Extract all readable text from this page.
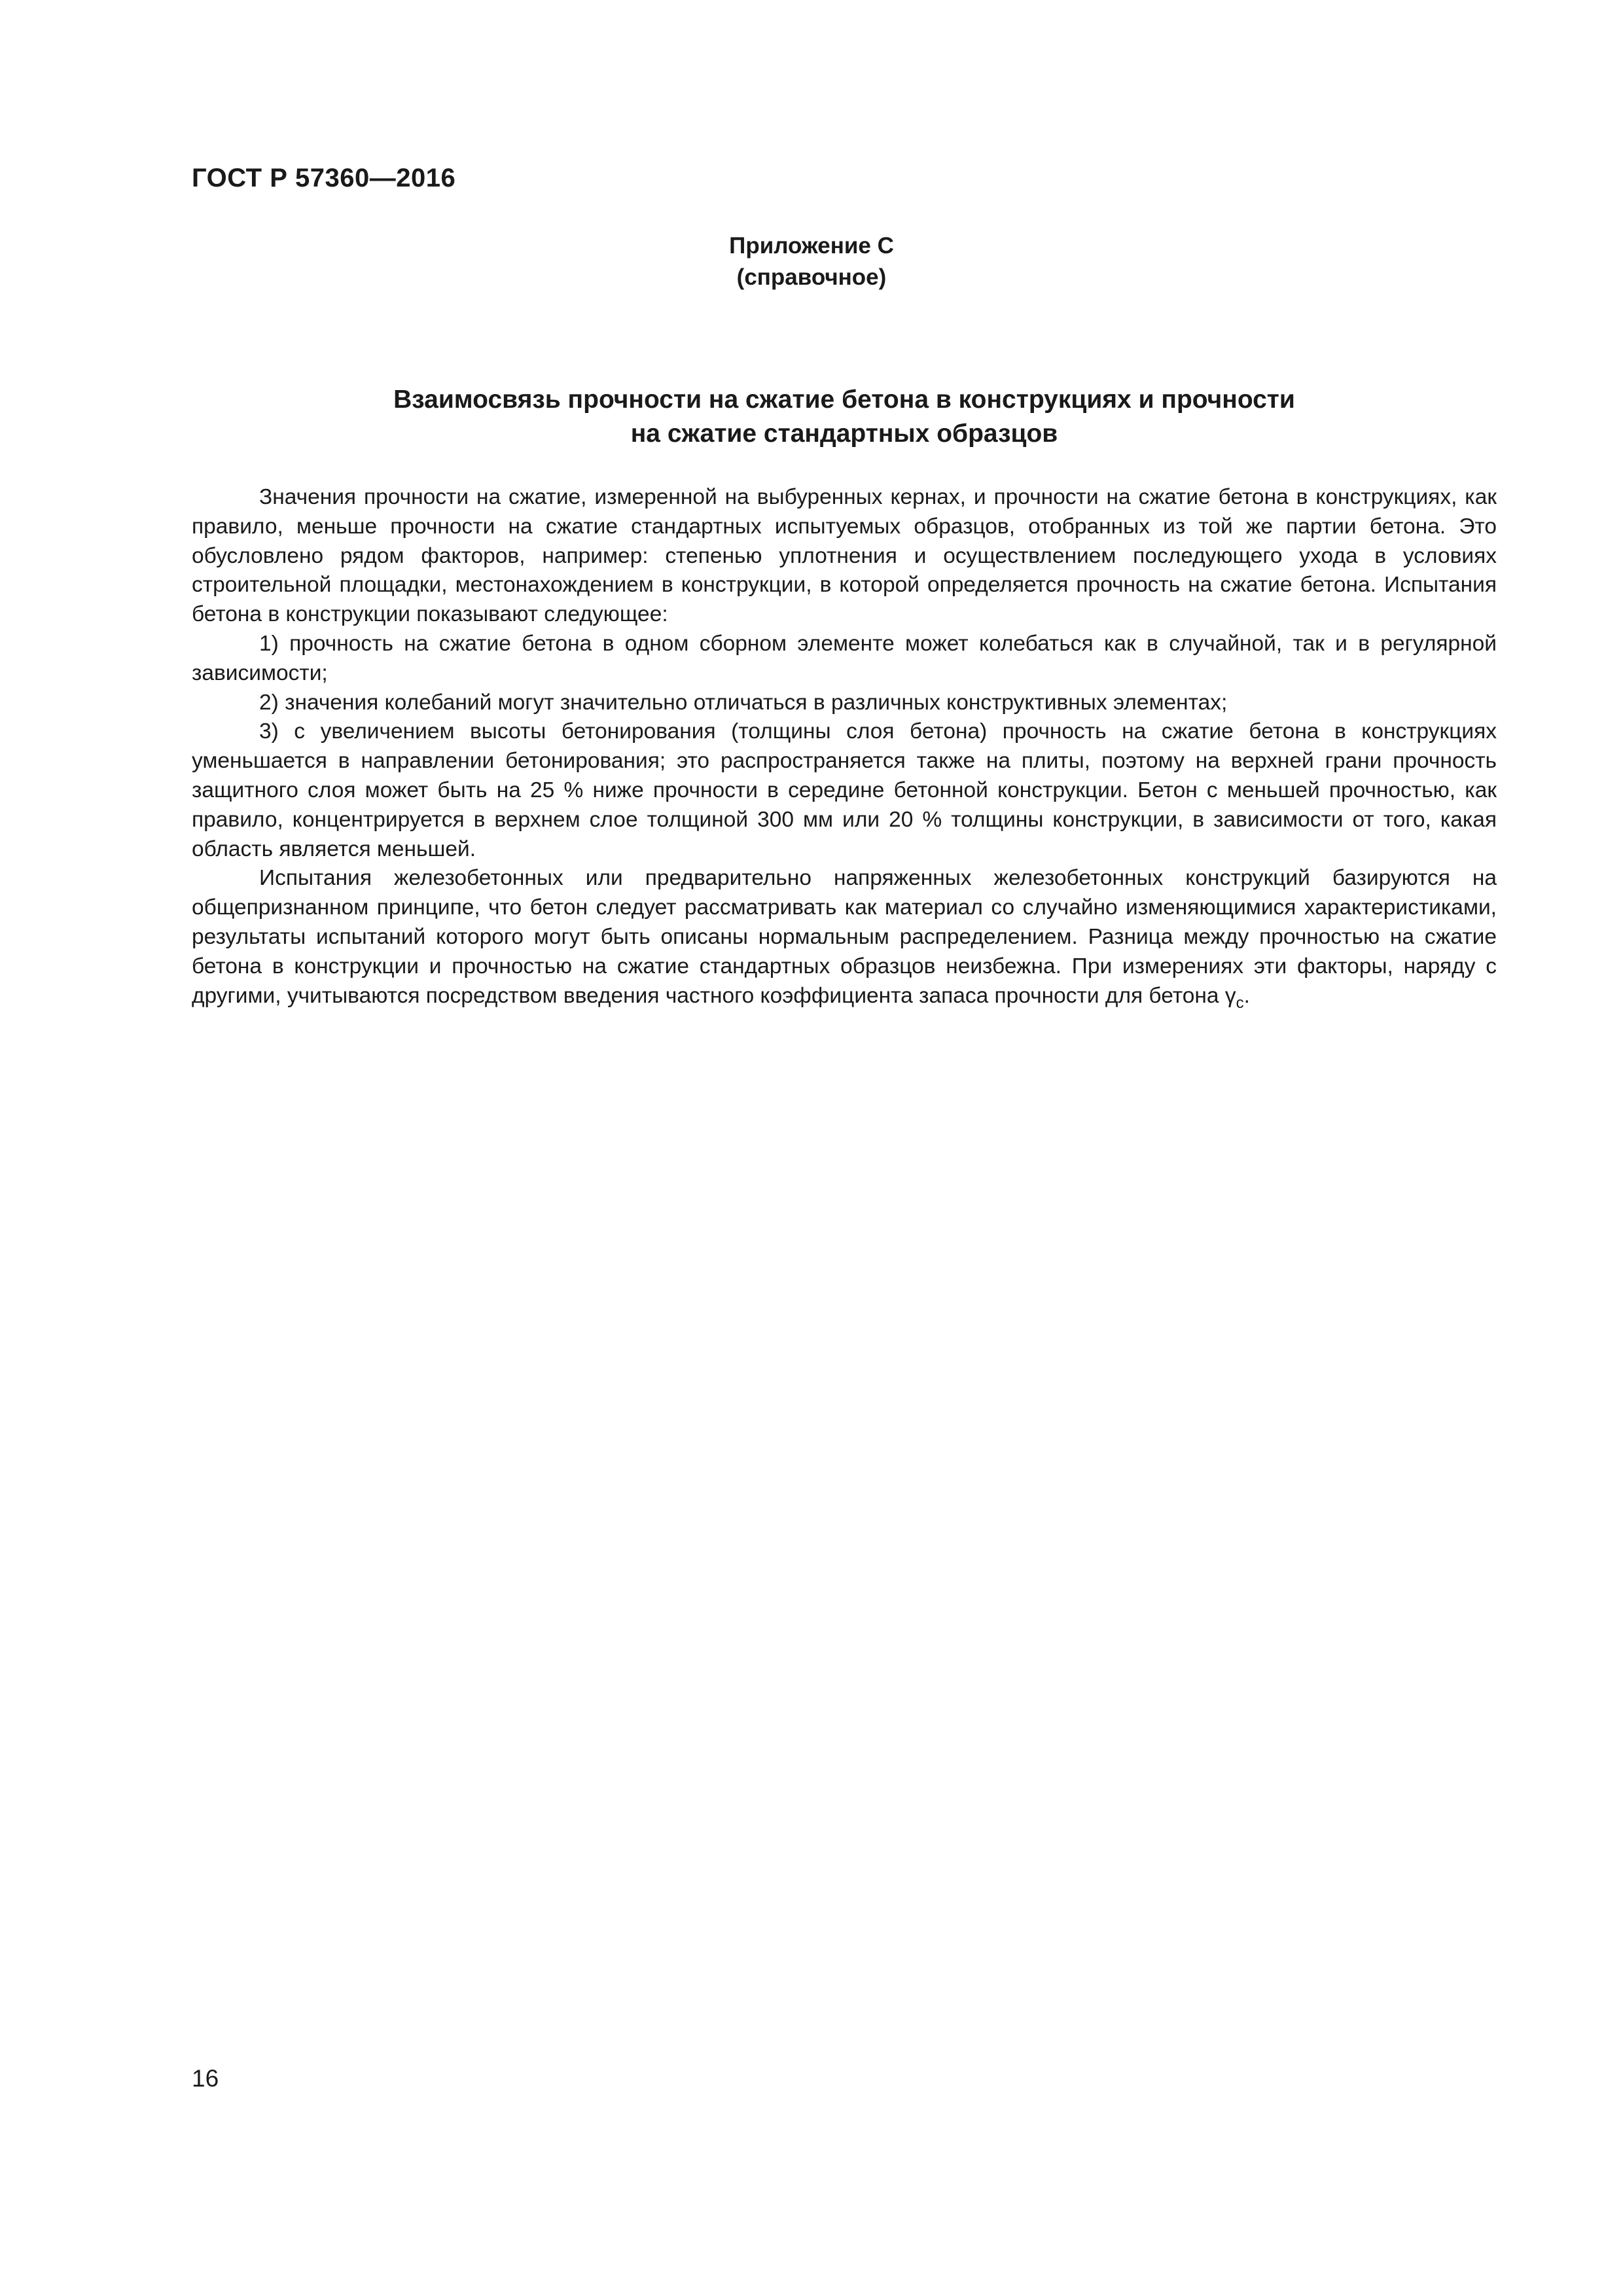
ГОСТ Р 57360—2016
Приложение С
(справочное)
Взаимосвязь прочности на сжатие бетона в конструкциях и прочности
на сжатие стандартных образцов

Значения прочности на сжатие, измеренной на выбуренных кернах, и прочности на сжатие бетона в конструкциях, как правило, меньше прочности на сжатие стандартных испытуемых образцов, отобранных из той же партии бетона. Это обусловлено рядом факторов, например: степенью уплотнения и осуществлением последующего ухода в условиях строительной площадки, местонахождением в конструкции, в которой определяется прочность на сжатие бетона. Испытания бетона в конструкции показывают следующее:

1) прочность на сжатие бетона в одном сборном элементе может колебаться как в случайной, так и в регулярной зависимости;

2) значения колебаний могут значительно отличаться в различных конструктивных элементах;

3) с увеличением высоты бетонирования (толщины слоя бетона) прочность на сжатие бетона в конструкциях уменьшается в направлении бетонирования; это распространяется также на плиты, поэтому на верхней грани прочность защитного слоя может быть на 25 % ниже прочности в середине бетонной конструкции. Бетон с меньшей прочностью, как правило, концентрируется в верхнем слое толщиной 300 мм или 20 % толщины конструкции, в зависимости от того, какая область является меньшей.

Испытания железобетонных или предварительно напряженных железобетонных конструкций базируются на общепризнанном принципе, что бетон следует рассматривать как материал со случайно изменяющимися характеристиками, результаты испытаний которого могут быть описаны нормальным распределением. Разница между прочностью на сжатие бетона в конструкции и прочностью на сжатие стандартных образцов неизбежна. При измерениях эти факторы, наряду с другими, учитываются посредством введения частного коэффициента запаса прочности для бетона $\gamma_c$.

16
